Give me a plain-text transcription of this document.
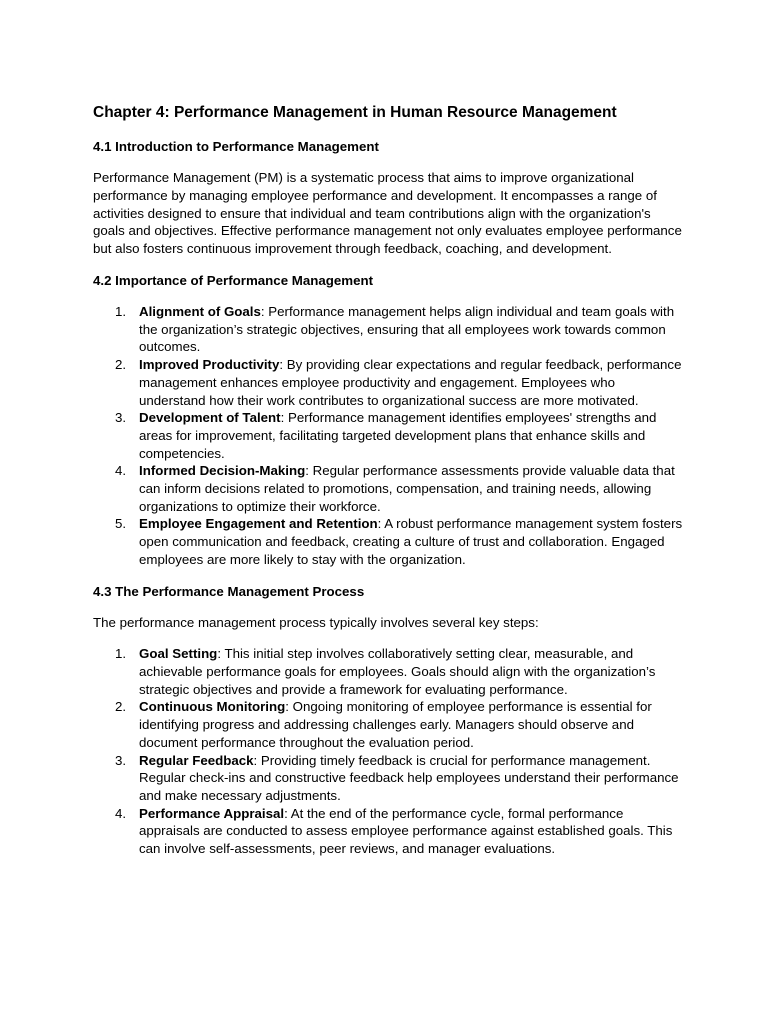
Chapter 4: Performance Management in Human Resource Management
4.1 Introduction to Performance Management

Performance Management (PM) is a systematic process that aims to improve organizational performance by managing employee performance and development. It encompasses a range of activities designed to ensure that individual and team contributions align with the organization's goals and objectives. Effective performance management not only evaluates employee performance but also fosters continuous improvement through feedback, coaching, and development.

4.2 Importance of Performance Management
1. Alignment of Goals: Performance management helps align individual and team goals with the organization’s strategic objectives, ensuring that all employees work towards common outcomes.
2. Improved Productivity: By providing clear expectations and regular feedback, performance management enhances employee productivity and engagement. Employees who understand how their work contributes to organizational success are more motivated.
3. Development of Talent: Performance management identifies employees' strengths and areas for improvement, facilitating targeted development plans that enhance skills and competencies.
4. Informed Decision-Making: Regular performance assessments provide valuable data that can inform decisions related to promotions, compensation, and training needs, allowing organizations to optimize their workforce.
5. Employee Engagement and Retention: A robust performance management system fosters open communication and feedback, creating a culture of trust and collaboration. Engaged employees are more likely to stay with the organization.
4.3 The Performance Management Process

The performance management process typically involves several key steps:

1. Goal Setting: This initial step involves collaboratively setting clear, measurable, and achievable performance goals for employees. Goals should align with the organization’s strategic objectives and provide a framework for evaluating performance.
2. Continuous Monitoring: Ongoing monitoring of employee performance is essential for identifying progress and addressing challenges early. Managers should observe and document performance throughout the evaluation period.
3. Regular Feedback: Providing timely feedback is crucial for performance management. Regular check-ins and constructive feedback help employees understand their performance and make necessary adjustments.
4. Performance Appraisal: At the end of the performance cycle, formal performance appraisals are conducted to assess employee performance against established goals. This can involve self-assessments, peer reviews, and manager evaluations.
